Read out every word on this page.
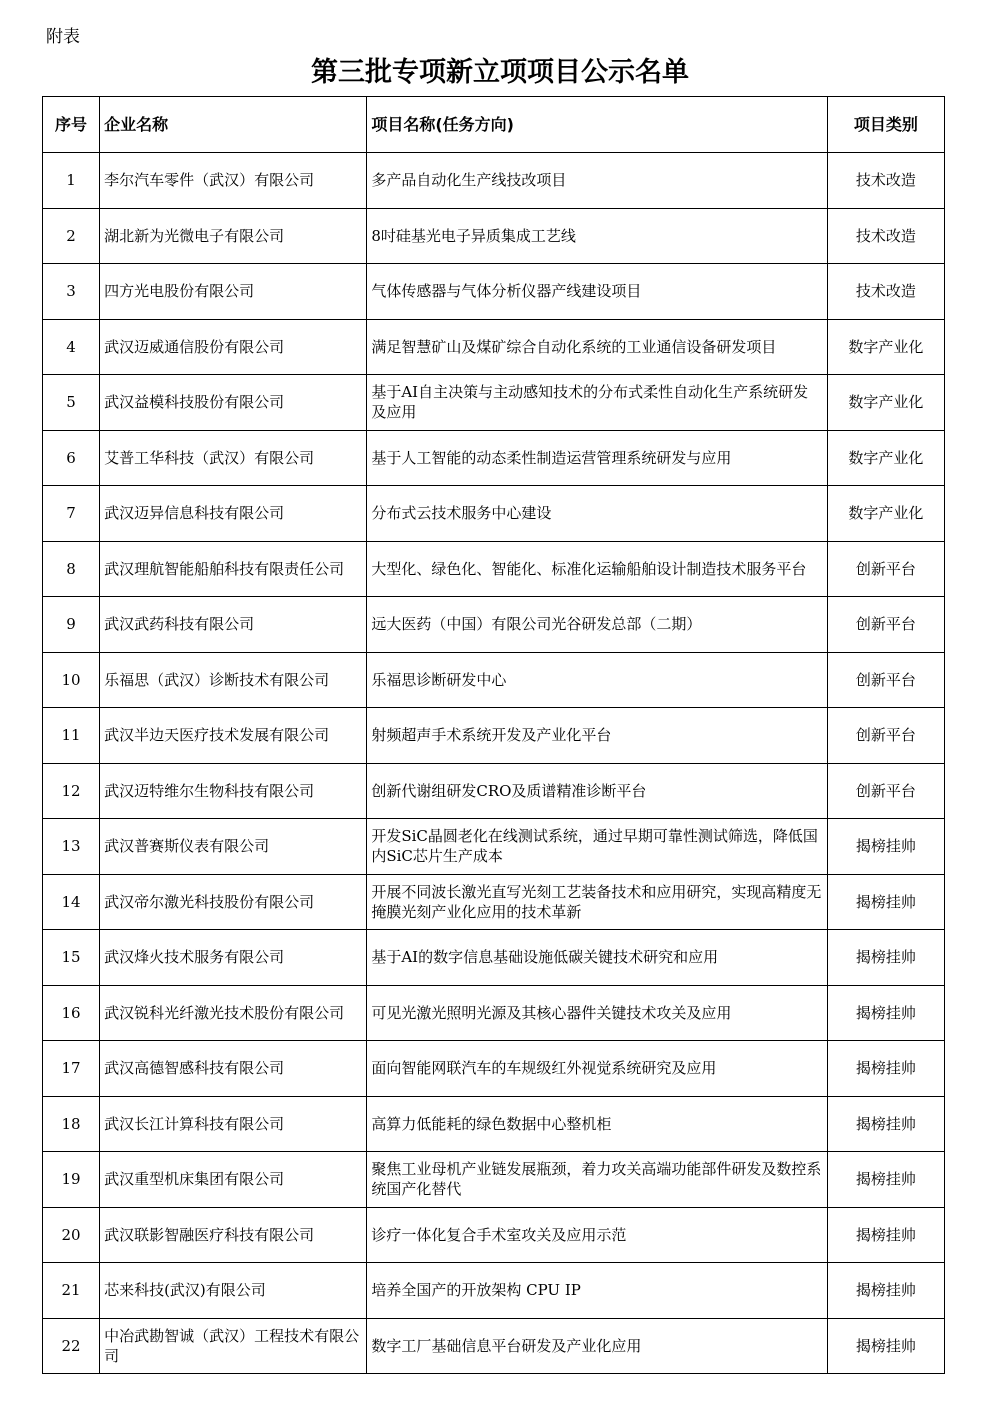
附表
第三批专项新立项项目公示名单
序号	企业名称	项目名称(任务方向)	项目类别
1	李尔汽车零件（武汉）有限公司	多产品自动化生产线技改项目	技术改造
2	湖北新为光微电子有限公司	8吋硅基光电子异质集成工艺线	技术改造
3	四方光电股份有限公司	气体传感器与气体分析仪器产线建设项目	技术改造
4	武汉迈威通信股份有限公司	满足智慧矿山及煤矿综合自动化系统的工业通信设备研发项目	数字产业化
5	武汉益模科技股份有限公司	基于AI自主决策与主动感知技术的分布式柔性自动化生产系统研发及应用	数字产业化
6	艾普工华科技（武汉）有限公司	基于人工智能的动态柔性制造运营管理系统研发与应用	数字产业化
7	武汉迈异信息科技有限公司	分布式云技术服务中心建设	数字产业化
8	武汉理航智能船舶科技有限责任公司	大型化、绿色化、智能化、标准化运输船舶设计制造技术服务平台	创新平台
9	武汉武药科技有限公司	远大医药（中国）有限公司光谷研发总部（二期）	创新平台
10	乐福思（武汉）诊断技术有限公司	乐福思诊断研发中心	创新平台
11	武汉半边天医疗技术发展有限公司	射频超声手术系统开发及产业化平台	创新平台
12	武汉迈特维尔生物科技有限公司	创新代谢组研发CRO及质谱精准诊断平台	创新平台
13	武汉普赛斯仪表有限公司	开发SiC晶圆老化在线测试系统，通过早期可靠性测试筛选，降低国内SiC芯片生产成本	揭榜挂帅
14	武汉帝尔激光科技股份有限公司	开展不同波长激光直写光刻工艺装备技术和应用研究，实现高精度无掩膜光刻产业化应用的技术革新	揭榜挂帅
15	武汉烽火技术服务有限公司	基于AI的数字信息基础设施低碳关键技术研究和应用	揭榜挂帅
16	武汉锐科光纤激光技术股份有限公司	可见光激光照明光源及其核心器件关键技术攻关及应用	揭榜挂帅
17	武汉高德智感科技有限公司	面向智能网联汽车的车规级红外视觉系统研究及应用	揭榜挂帅
18	武汉长江计算科技有限公司	高算力低能耗的绿色数据中心整机柜	揭榜挂帅
19	武汉重型机床集团有限公司	聚焦工业母机产业链发展瓶颈，着力攻关高端功能部件研发及数控系统国产化替代	揭榜挂帅
20	武汉联影智融医疗科技有限公司	诊疗一体化复合手术室攻关及应用示范	揭榜挂帅
21	芯来科技(武汉)有限公司	培养全国产的开放架构 CPU IP	揭榜挂帅
22	中冶武勘智诚（武汉）工程技术有限公司	数字工厂基础信息平台研发及产业化应用	揭榜挂帅
